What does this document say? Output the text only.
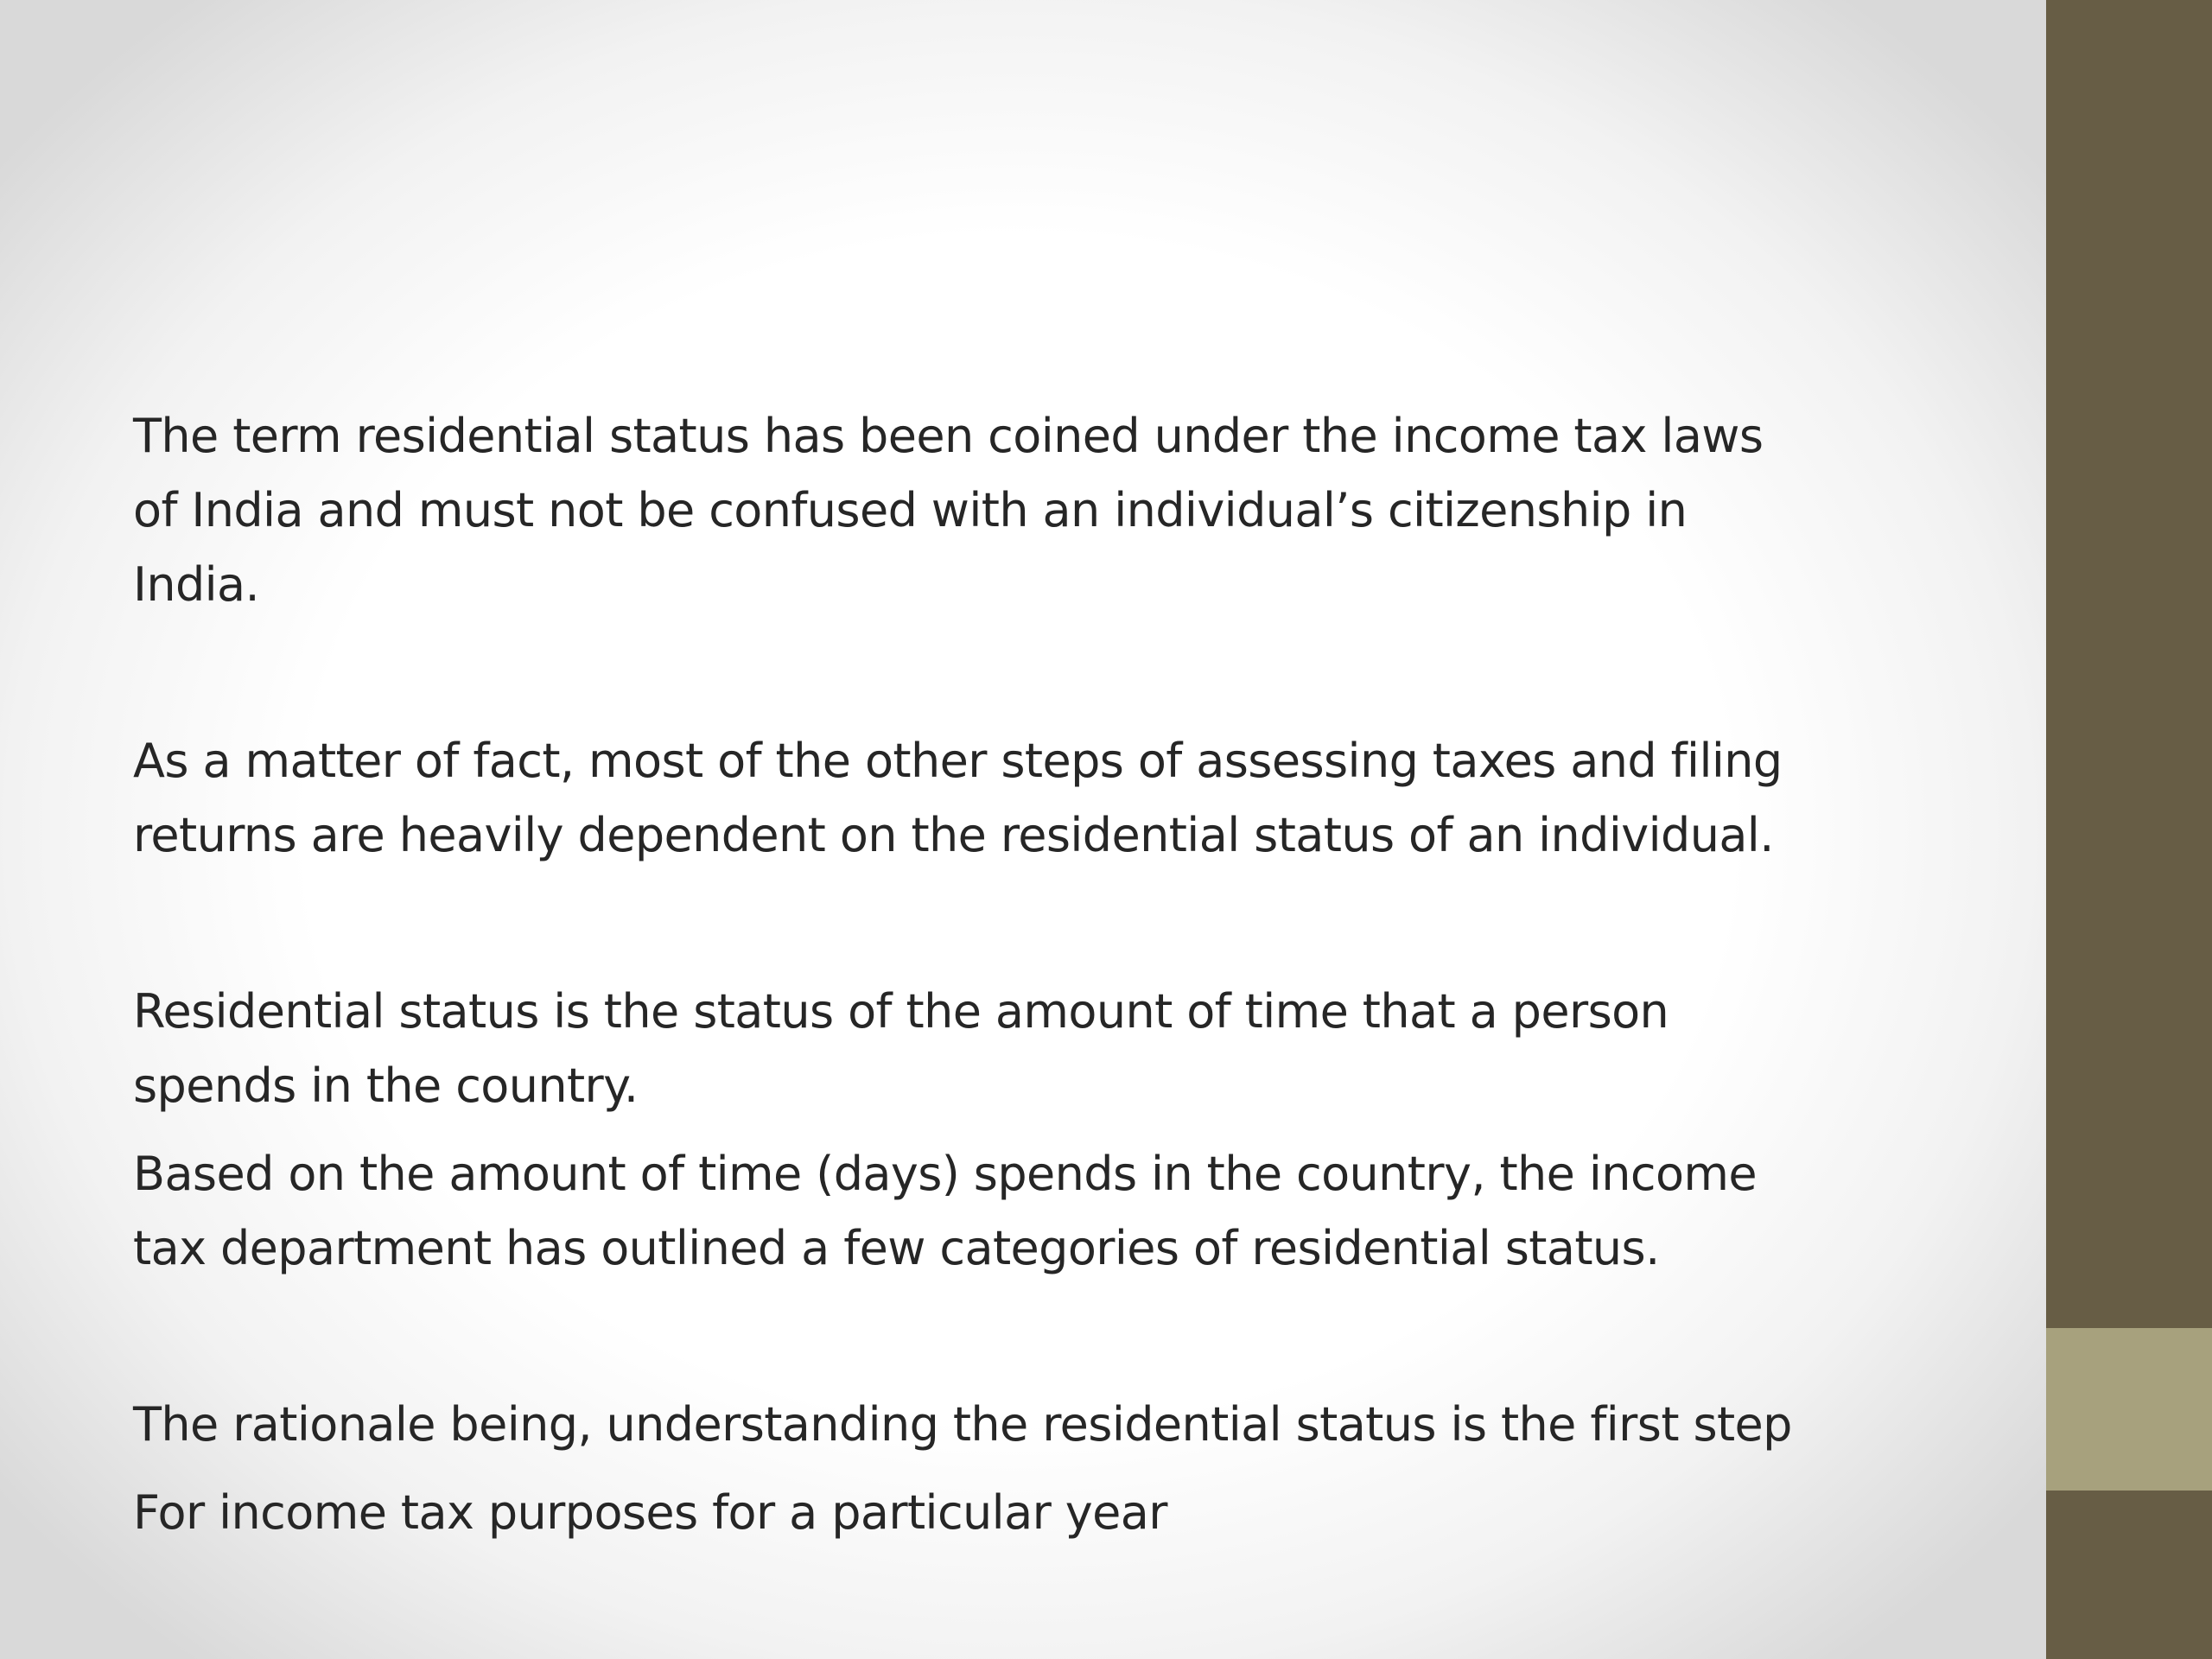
The term residential status has been coined under the income tax laws
of India and must not be confused with an individual’s citizenship in
India.

As a matter of fact, most of the other steps of assessing taxes and filing
returns are heavily dependent on the residential status of an individual.

Residential status is the status of the amount of time that a person
spends in the country.

Based on the amount of time (days) spends in the country, the income
tax department has outlined a few categories of residential status.

The rationale being, understanding the residential status is the first step

For income tax purposes for a particular year
